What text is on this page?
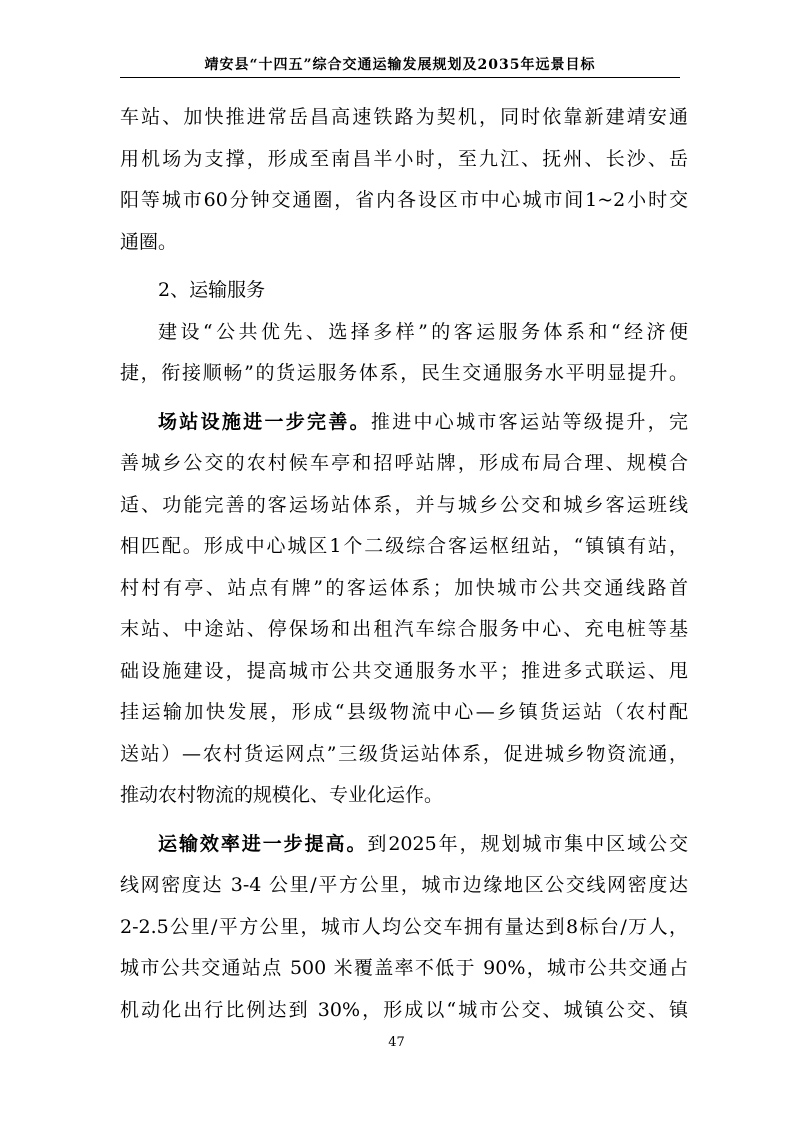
靖安县“十四五”综合交通运输发展规划及2035年远景目标
车站、加快推进常岳昌高速铁路为契机，同时依靠新建靖安通
用机场为支撑，形成至南昌半小时，至九江、抚州、长沙、岳
阳等城市60分钟交通圈，省内各设区市中心城市间1~2小时交
通圈。
2、运输服务
建设“公共优先、选择多样”的客运服务体系和“经济便
捷，衔接顺畅”的货运服务体系，民生交通服务水平明显提升。
场站设施进一步完善。推进中心城市客运站等级提升，完
善城乡公交的农村候车亭和招呼站牌，形成布局合理、规模合
适、功能完善的客运场站体系，并与城乡公交和城乡客运班线
相匹配。形成中心城区1个二级综合客运枢纽站，“镇镇有站，
村村有亭、站点有牌”的客运体系；加快城市公共交通线路首
末站、中途站、停保场和出租汽车综合服务中心、充电桩等基
础设施建设，提高城市公共交通服务水平；推进多式联运、甩
挂运输加快发展，形成“县级物流中心—乡镇货运站（农村配
送站）—农村货运网点”三级货运站体系，促进城乡物资流通，
推动农村物流的规模化、专业化运作。
运输效率进一步提高。到2025年，规划城市集中区域公交
线网密度达 3-4 公里/平方公里，城市边缘地区公交线网密度达
2-2.5公里/平方公里，城市人均公交车拥有量达到8标台/万人，
城市公共交通站点 500 米覆盖率不低于 90%，城市公共交通占
机动化出行比例达到 30%，形成以“城市公交、城镇公交、镇
47
